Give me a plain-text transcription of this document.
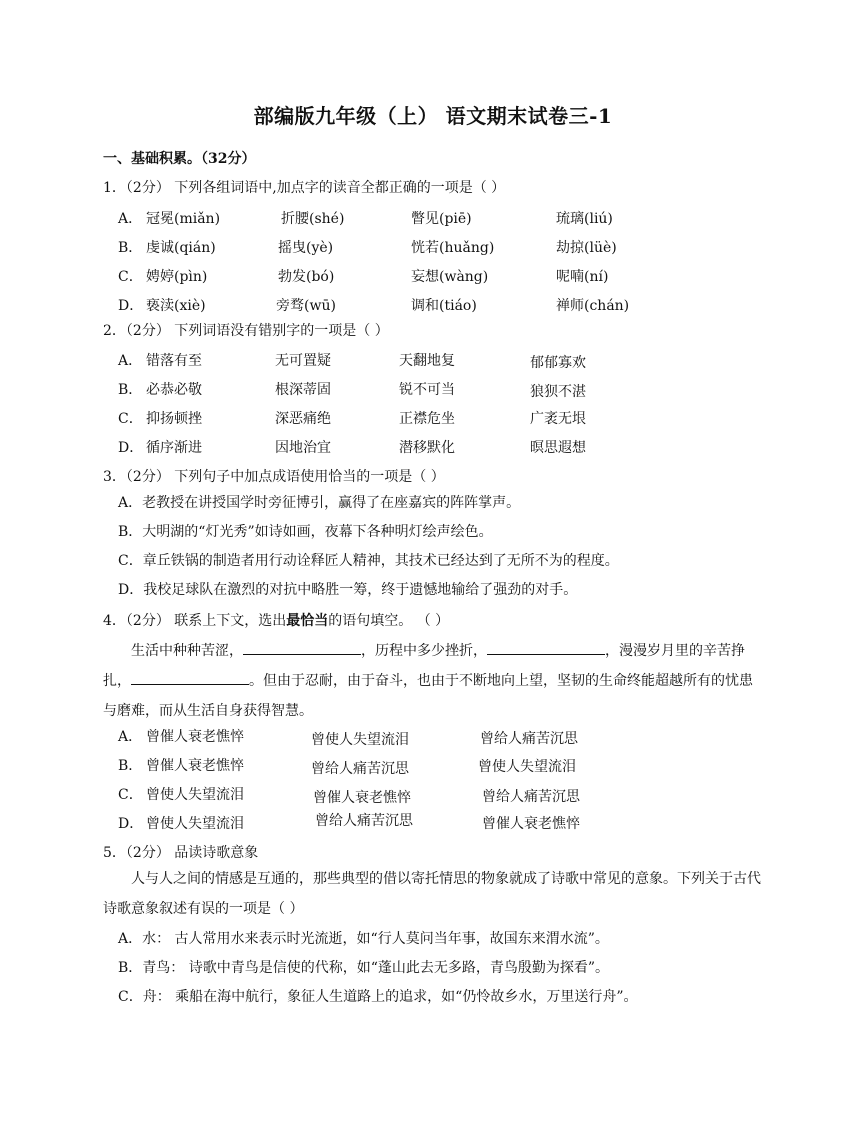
部编版九年级（上） 语文期末试卷三-1
一、基础积累。（32分）
1．（2分） 下列各组词语中,加点字的读音全都正确的一项是（ ）
A． 冠冕(miǎn)	折腰(shé)	瞥见(piē)	琉璃(liú)
B． 虔诚(qián)	摇曳(yè)	恍若(huǎng)	劫掠(lüè)
C． 娉婷(pìn)	勃发(bó)	妄想(wàng)	呢喃(ní)
D． 亵渎(xiè)	旁骛(wū)	调和(tiáo)	禅师(chán)
2．（2分） 下列词语没有错别字的一项是（ ）
A． 错落有至	无可置疑	天翻地复	郁郁寡欢
B． 必恭必敬	根深蒂固	锐不可当	狼狈不湛
C． 抑扬顿挫	深恶痛绝	正襟危坐	广袤无垠
D． 循序渐进	因地治宜	潜移默化	暝思遐想
3．（2分） 下列句子中加点成语使用恰当的一项是（ ）
A．老教授在讲授国学时旁征博引，赢得了在座嘉宾的阵阵掌声。
B．大明湖的“灯光秀”如诗如画，夜幕下各种明灯绘声绘色。
C．章丘铁锅的制造者用行动诠释匠人精神，其技术已经达到了无所不为的程度。
D．我校足球队在激烈的对抗中略胜一筹，终于遗憾地输给了强劲的对手。
4．（2分） 联系上下文，选出最恰当的语句填空。 （ ）
生活中种种苦涩，	，历程中多少挫折，	，漫漫岁月里的辛苦挣扎，	。但由于忍耐，由于奋斗，也由于不断地向上望，坚韧的生命终能超越所有的忧患与磨难，而从生活自身获得智慧。
A． 曾催人衰老憔悴	曾使人失望流泪	曾给人痛苦沉思
B． 曾催人衰老憔悴	曾给人痛苦沉思	曾使人失望流泪
C． 曾使人失望流泪	曾催人衰老憔悴	曾给人痛苦沉思
D． 曾使人失望流泪	曾给人痛苦沉思	曾催人衰老憔悴
5．（2分） 品读诗歌意象
人与人之间的情感是互通的，那些典型的借以寄托情思的物象就成了诗歌中常见的意象。下列关于古代诗歌意象叙述有误的一项是（ ）
A．水： 古人常用水来表示时光流逝，如“行人莫问当年事，故国东来渭水流”。
B．青鸟： 诗歌中青鸟是信使的代称，如“蓬山此去无多路，青鸟殷勤为探看”。
C．舟： 乘船在海中航行，象征人生道路上的追求，如“仍怜故乡水，万里送行舟”。
